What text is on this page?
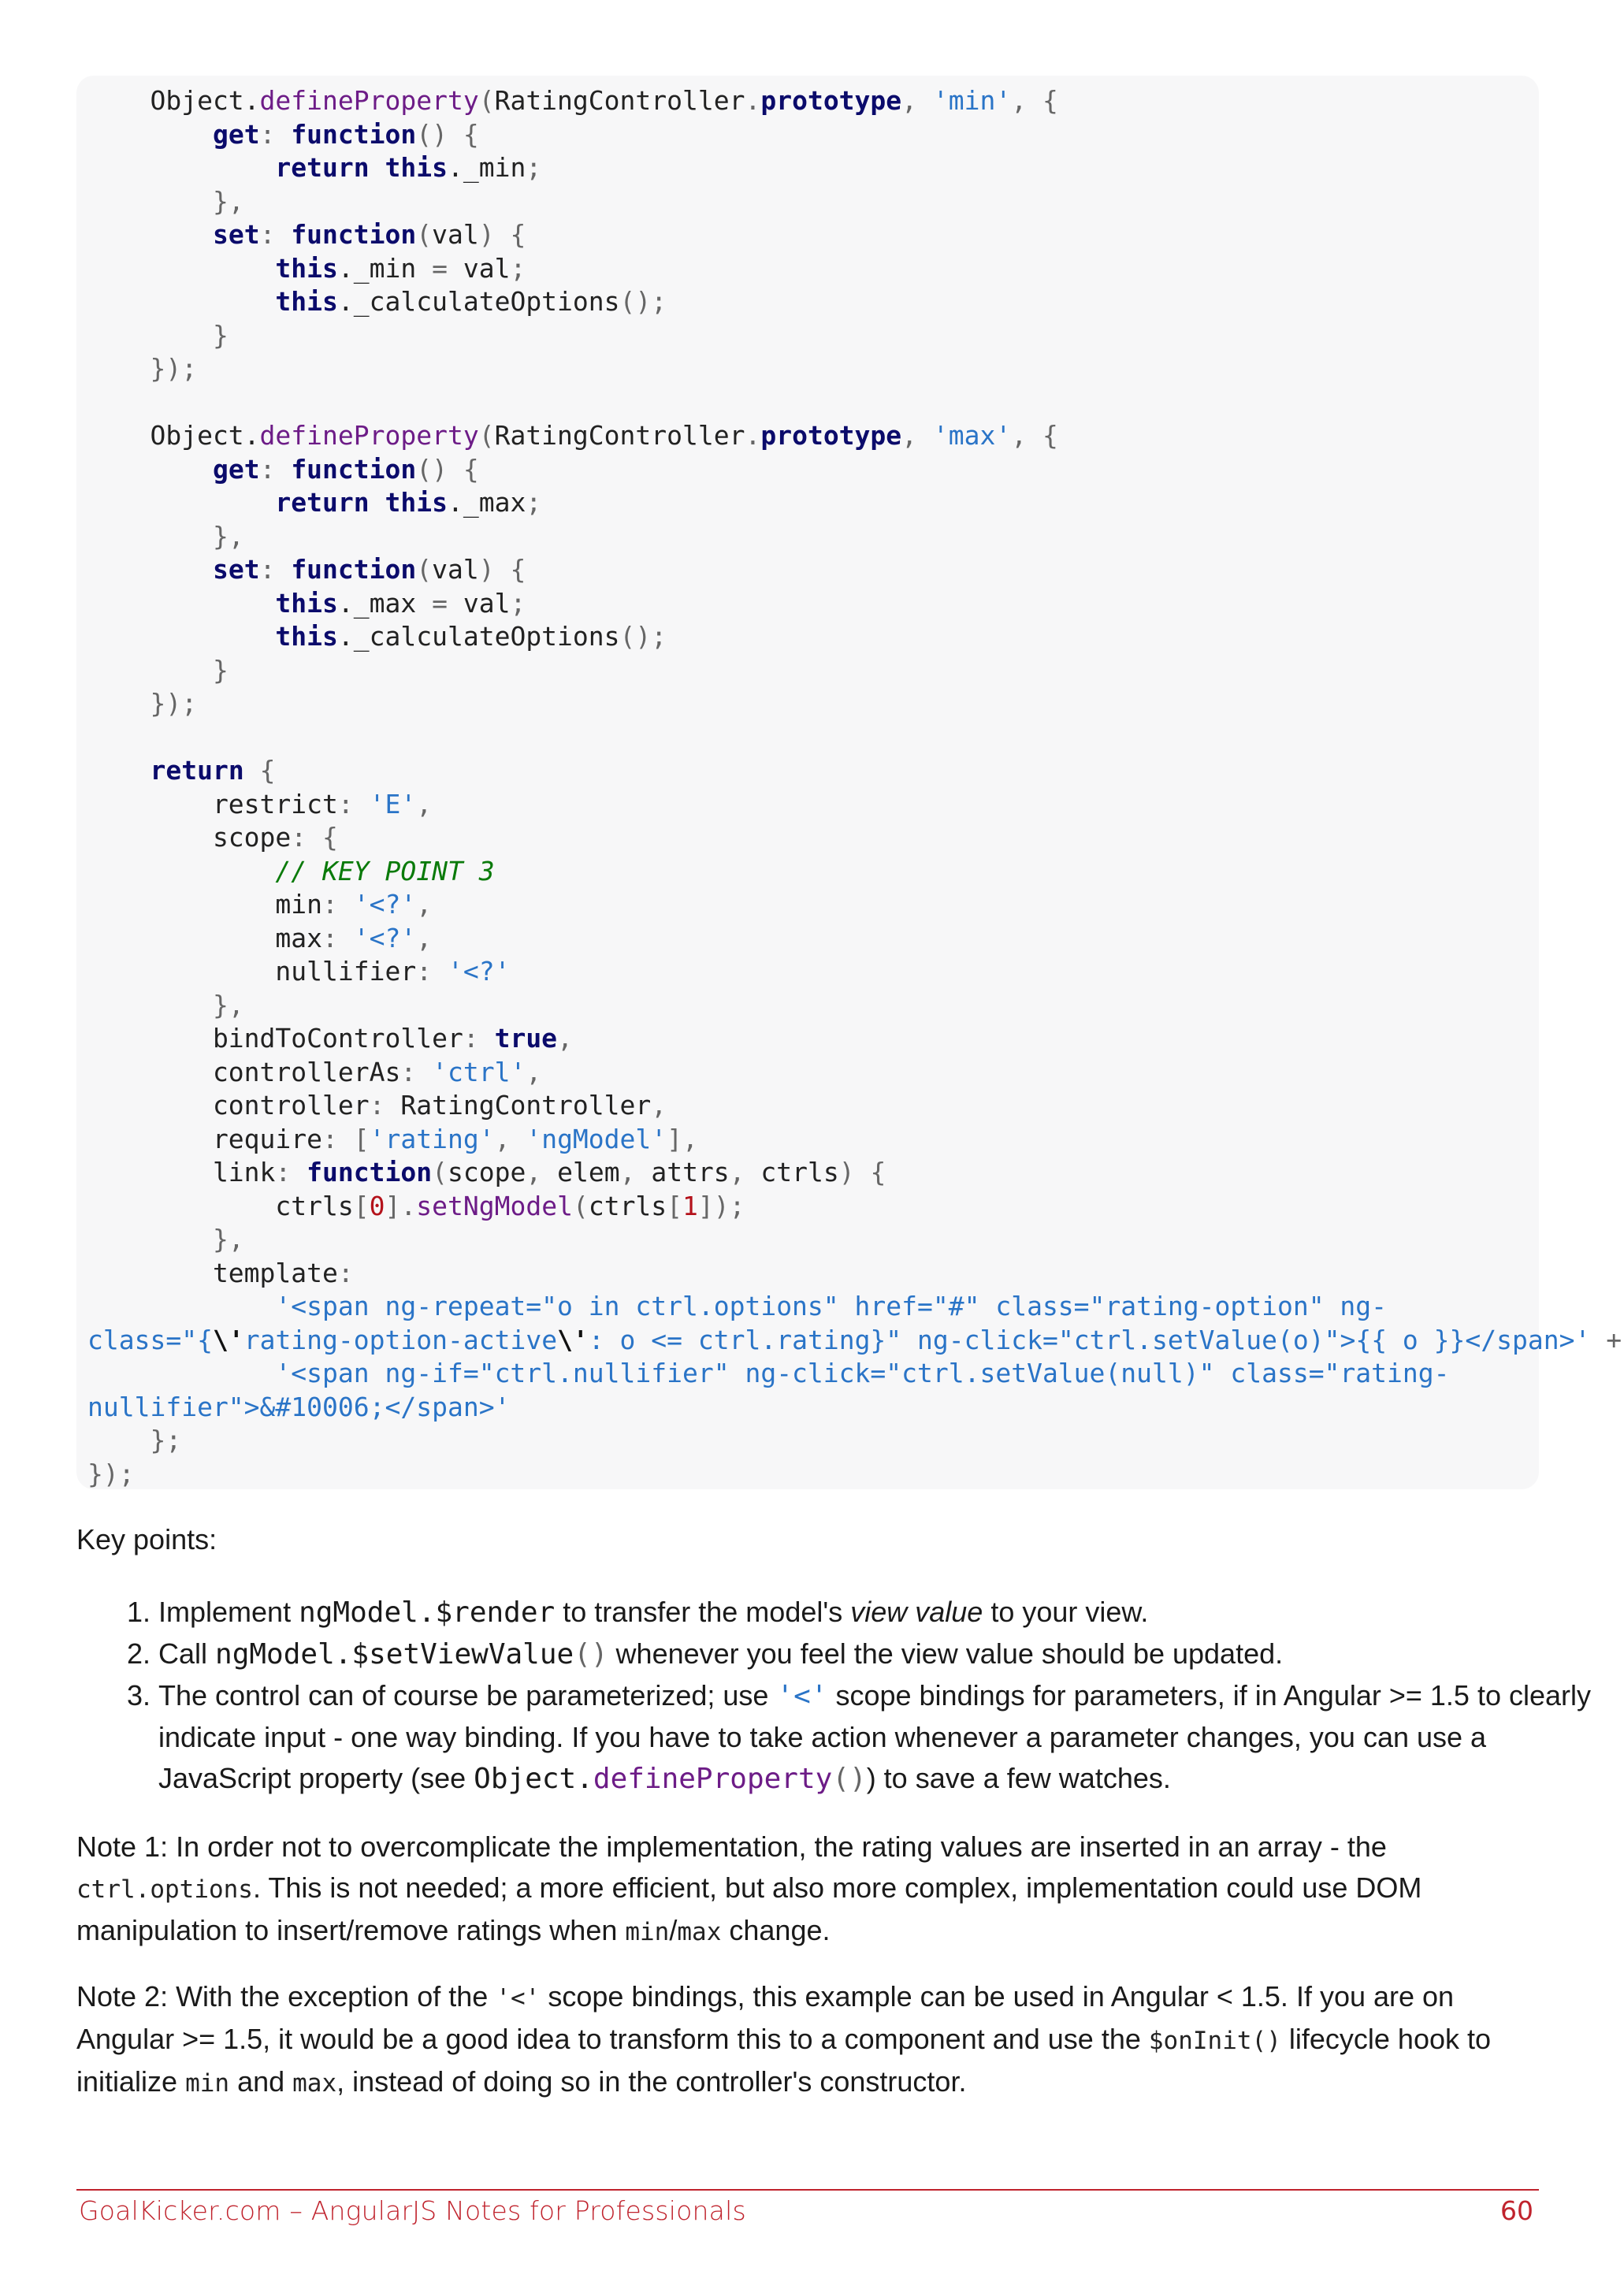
Object.defineProperty(RatingController.prototype, 'min', {
get: function() {
return this._min;
},
set: function(val) {
this._min = val;
this._calculateOptions();
}
});
Object.defineProperty(RatingController.prototype, 'max', {
get: function() {
return this._max;
},
set: function(val) {
this._max = val;
this._calculateOptions();
}
});
return {
restrict: 'E',
scope: {
// KEY POINT 3
min: '<?',
max: '<?',
nullifier: '<?'
},
bindToController: true,
controllerAs: 'ctrl',
controller: RatingController,
require: ['rating', 'ngModel'],
link: function(scope, elem, attrs, ctrls) {
ctrls[0].setNgModel(ctrls[1]);
},
template:
'<span ng-repeat="o in ctrl.options" href="#" class="rating-option" ng-
class="{\'rating-option-active\': o <= ctrl.rating}" ng-click="ctrl.setValue(o)">{{ o }}</span>' +
'<span ng-if="ctrl.nullifier" ng-click="ctrl.setValue(null)" class="rating-
nullifier">&#10006;</span>'
};
});
Key points:
1. Implement ngModel.$render to transfer the model's view value to your view.
2. Call ngModel.$setViewValue() whenever you feel the view value should be updated.
3. The control can of course be parameterized; use '<' scope bindings for parameters, if in Angular >= 1.5 to clearly indicate input - one way binding. If you have to take action whenever a parameter changes, you can use a JavaScript property (see Object.defineProperty()) to save a few watches.
Note 1: In order not to overcomplicate the implementation, the rating values are inserted in an array - the ctrl.options. This is not needed; a more efficient, but also more complex, implementation could use DOM manipulation to insert/remove ratings when min/max change.
Note 2: With the exception of the '<' scope bindings, this example can be used in Angular < 1.5. If you are on Angular >= 1.5, it would be a good idea to transform this to a component and use the $onInit() lifecycle hook to initialize min and max, instead of doing so in the controller's constructor.
GoalKicker.com – AngularJS Notes for Professionals	60
